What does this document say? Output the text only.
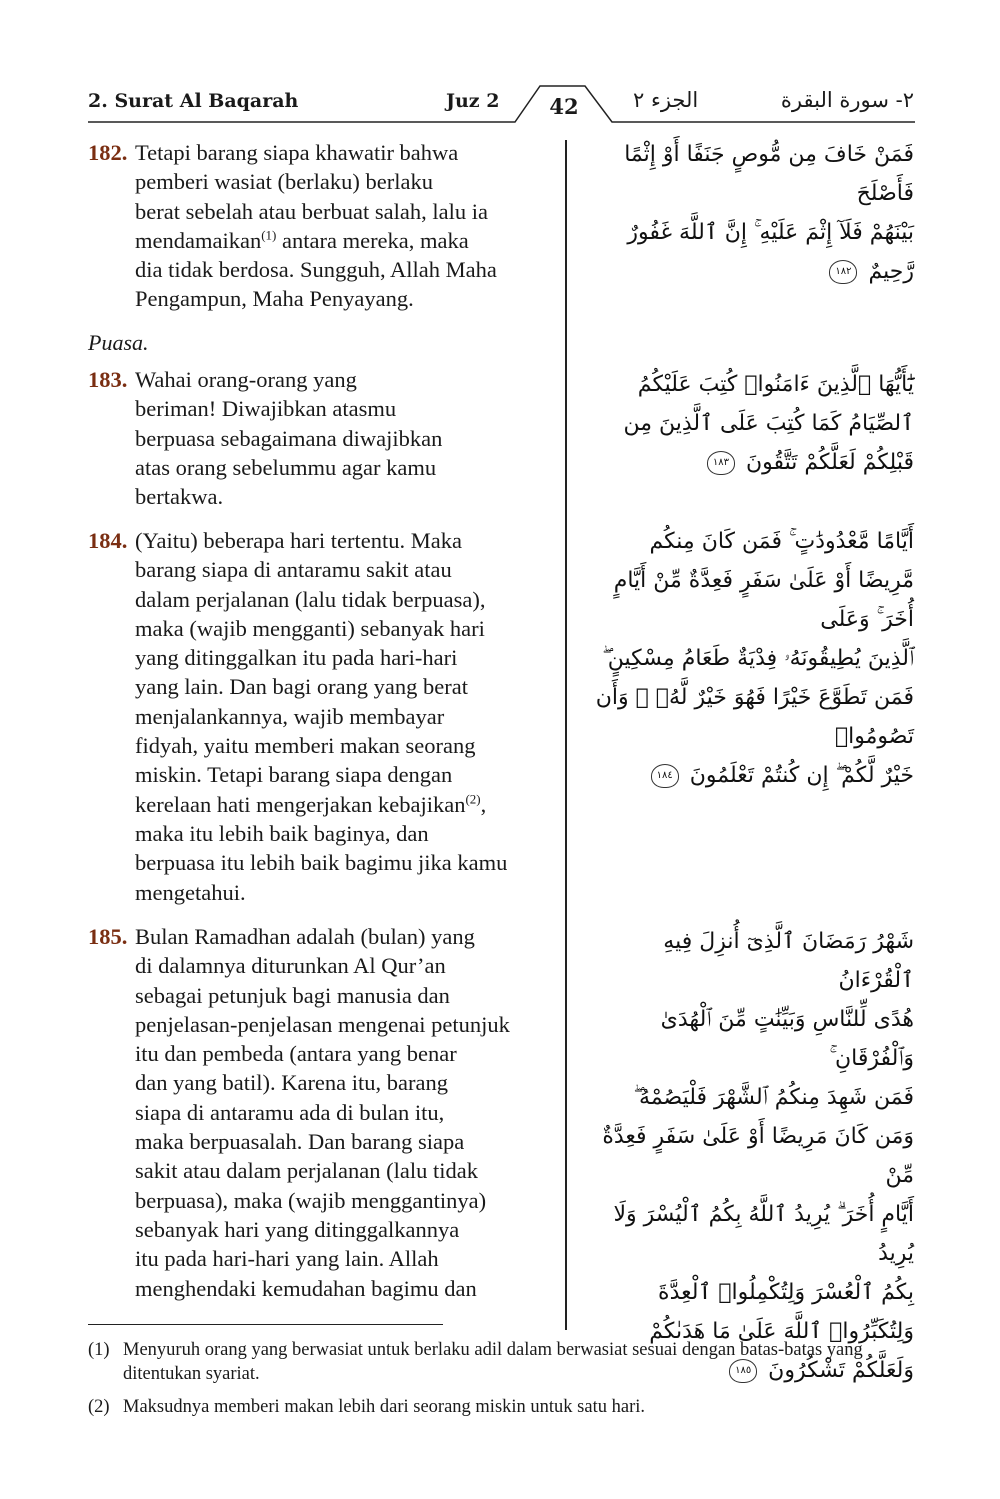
2. Surat Al Baqarah	Juz 2	42	الجزء ٢	٢- سورة البقرة
182. Tetapi barang siapa khawatir bahwa
pemberi wasiat (berlaku) berlaku
berat sebelah atau berbuat salah, lalu ia
mendamaikan$^{(1)}$ antara mereka, maka
dia tidak berdosa. Sungguh, Allah Maha
Pengampun, Maha Penyayang.
فَمَنْ خَافَ مِن مُّوصٍ جَنَفًا أَوْ إِثْمًا فَأَصْلَحَ
بَيْنَهُمْ فَلَآ إِثْمَ عَلَيْهِ ۚ إِنَّ ٱللَّهَ غَفُورٌ
رَّحِيمٌ ١٨٢
Puasa.
183. Wahai orang-orang yang
beriman! Diwajibkan atasmu
berpuasa sebagaimana diwajibkan
atas orang sebelummu agar kamu
bertakwa.
يَٰٓأَيُّهَا ٱلَّذِينَ ءَامَنُوا۟ كُتِبَ عَلَيْكُمُ
ٱلصِّيَامُ كَمَا كُتِبَ عَلَى ٱلَّذِينَ مِن
قَبْلِكُمْ لَعَلَّكُمْ تَتَّقُونَ ١٨٣
184. (Yaitu) beberapa hari tertentu. Maka
barang siapa di antaramu sakit atau
dalam perjalanan (lalu tidak berpuasa),
maka (wajib mengganti) sebanyak hari
yang ditinggalkan itu pada hari-hari
yang lain. Dan bagi orang yang berat
menjalankannya, wajib membayar
fidyah, yaitu memberi makan seorang
miskin. Tetapi barang siapa dengan
kerelaan hati mengerjakan kebajikan$^{(2)}$,
maka itu lebih baik baginya, dan
berpuasa itu lebih baik bagimu jika kamu
mengetahui.
أَيَّامًا مَّعْدُودَٰتٍ ۚ فَمَن كَانَ مِنكُم
مَّرِيضًا أَوْ عَلَىٰ سَفَرٍ فَعِدَّةٌ مِّنْ أَيَّامٍ أُخَرَ ۚ وَعَلَى
ٱلَّذِينَ يُطِيقُونَهُۥ فِدْيَةٌ طَعَامُ مِسْكِينٍ ۖ
فَمَن تَطَوَّعَ خَيْرًا فَهُوَ خَيْرٌ لَّهُۥ ۚ وَأَن تَصُومُوا۟
خَيْرٌ لَّكُمْ ۖ إِن كُنتُمْ تَعْلَمُونَ ١٨٤
185. Bulan Ramadhan adalah (bulan) yang
di dalamnya diturunkan Al Qur’an
sebagai petunjuk bagi manusia dan
penjelasan-penjelasan mengenai petunjuk
itu dan pembeda (antara yang benar
dan yang batil). Karena itu, barang
siapa di antaramu ada di bulan itu,
maka berpuasalah. Dan barang siapa
sakit atau dalam perjalanan (lalu tidak
berpuasa), maka (wajib menggantinya)
sebanyak hari yang ditinggalkannya
itu pada hari-hari yang lain. Allah
menghendaki kemudahan bagimu dan
شَهْرُ رَمَضَانَ ٱلَّذِىٓ أُنزِلَ فِيهِ ٱلْقُرْءَانُ
هُدًى لِّلنَّاسِ وَبَيِّنَٰتٍ مِّنَ ٱلْهُدَىٰ وَٱلْفُرْقَانِ ۚ
فَمَن شَهِدَ مِنكُمُ ٱلشَّهْرَ فَلْيَصُمْهُ ۖ
وَمَن كَانَ مَرِيضًا أَوْ عَلَىٰ سَفَرٍ فَعِدَّةٌ مِّنْ
أَيَّامٍ أُخَرَ ۗ يُرِيدُ ٱللَّهُ بِكُمُ ٱلْيُسْرَ وَلَا يُرِيدُ
بِكُمُ ٱلْعُسْرَ وَلِتُكْمِلُوا۟ ٱلْعِدَّةَ
وَلِتُكَبِّرُوا۟ ٱللَّهَ عَلَىٰ مَا هَدَىٰكُمْ
وَلَعَلَّكُمْ تَشْكُرُونَ ١٨٥
(1) Menyuruh orang yang berwasiat untuk berlaku adil dalam berwasiat sesuai dengan batas-batas yang ditentukan syariat.
(2) Maksudnya memberi makan lebih dari seorang miskin untuk satu hari.
